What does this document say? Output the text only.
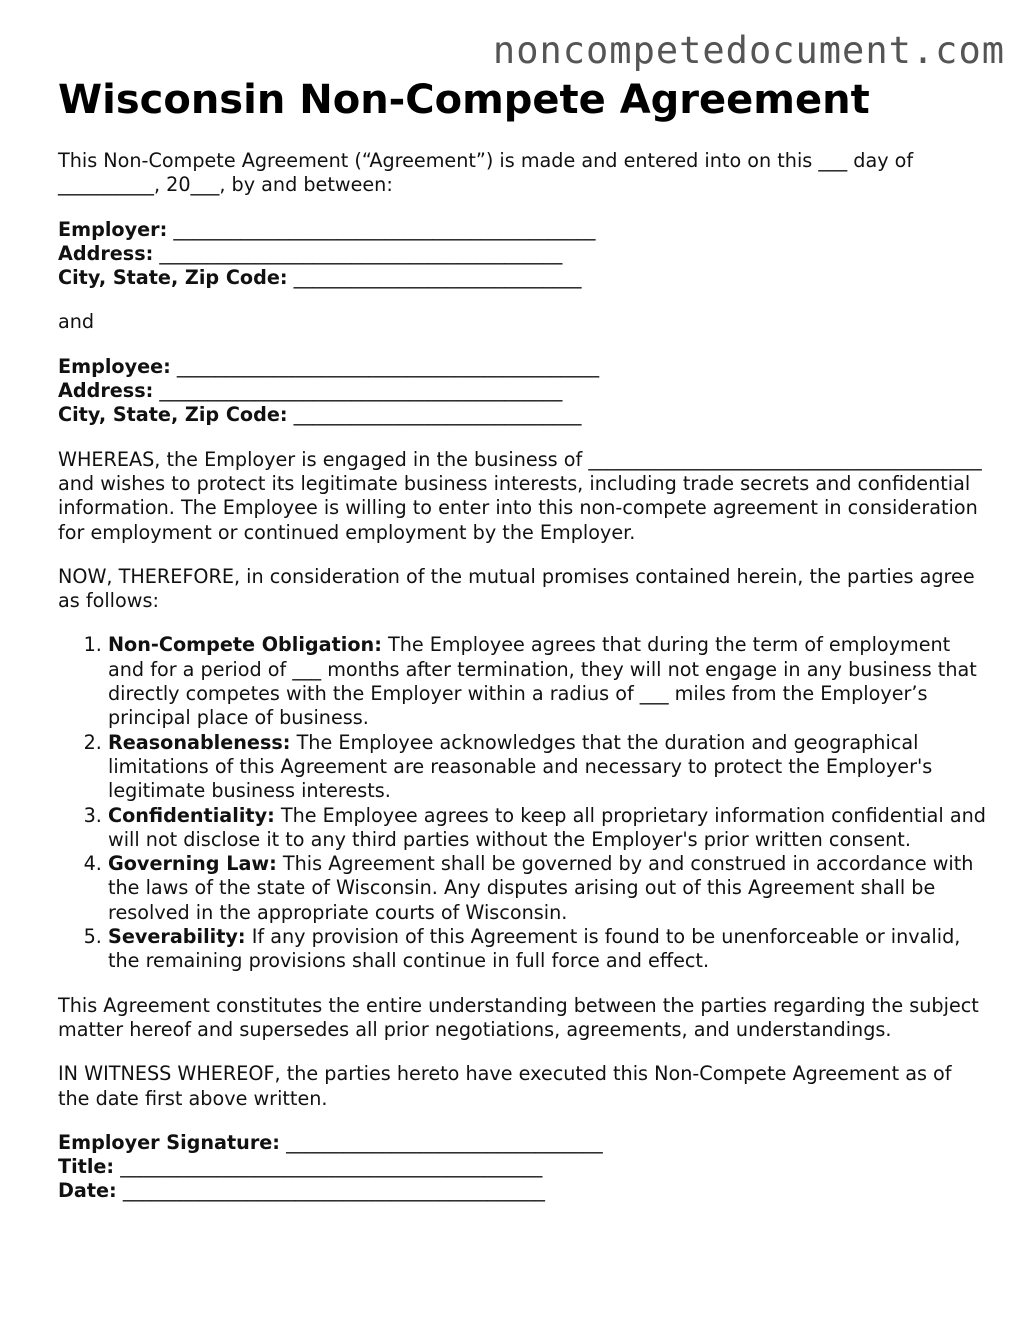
noncompetedocument.com
Wisconsin Non-Compete Agreement

This Non-Compete Agreement (“Agreement”) is made and entered into on this ___ day of __________, 20___, by and between:

Employer: ____________________________________________
Address: __________________________________________
City, State, Zip Code: ______________________________

and

Employee: ____________________________________________
Address: __________________________________________
City, State, Zip Code: ______________________________

WHEREAS, the Employer is engaged in the business of _________________________________________ and wishes to protect its legitimate business interests, including trade secrets and confidential information. The Employee is willing to enter into this non-compete agreement in consideration for employment or continued employment by the Employer.

NOW, THEREFORE, in consideration of the mutual promises contained herein, the parties agree as follows:

1. Non-Compete Obligation: The Employee agrees that during the term of employment and for a period of ___ months after termination, they will not engage in any business that directly competes with the Employer within a radius of ___ miles from the Employer’s principal place of business.
2. Reasonableness: The Employee acknowledges that the duration and geographical limitations of this Agreement are reasonable and necessary to protect the Employer's legitimate business interests.
3. Confidentiality: The Employee agrees to keep all proprietary information confidential and will not disclose it to any third parties without the Employer's prior written consent.
4. Governing Law: This Agreement shall be governed by and construed in accordance with the laws of the state of Wisconsin. Any disputes arising out of this Agreement shall be resolved in the appropriate courts of Wisconsin.
5. Severability: If any provision of this Agreement is found to be unenforceable or invalid, the remaining provisions shall continue in full force and effect.

This Agreement constitutes the entire understanding between the parties regarding the subject matter hereof and supersedes all prior negotiations, agreements, and understandings.

IN WITNESS WHEREOF, the parties hereto have executed this Non-Compete Agreement as of the date first above written.

Employer Signature: _________________________________
Title: ____________________________________________
Date: ____________________________________________
